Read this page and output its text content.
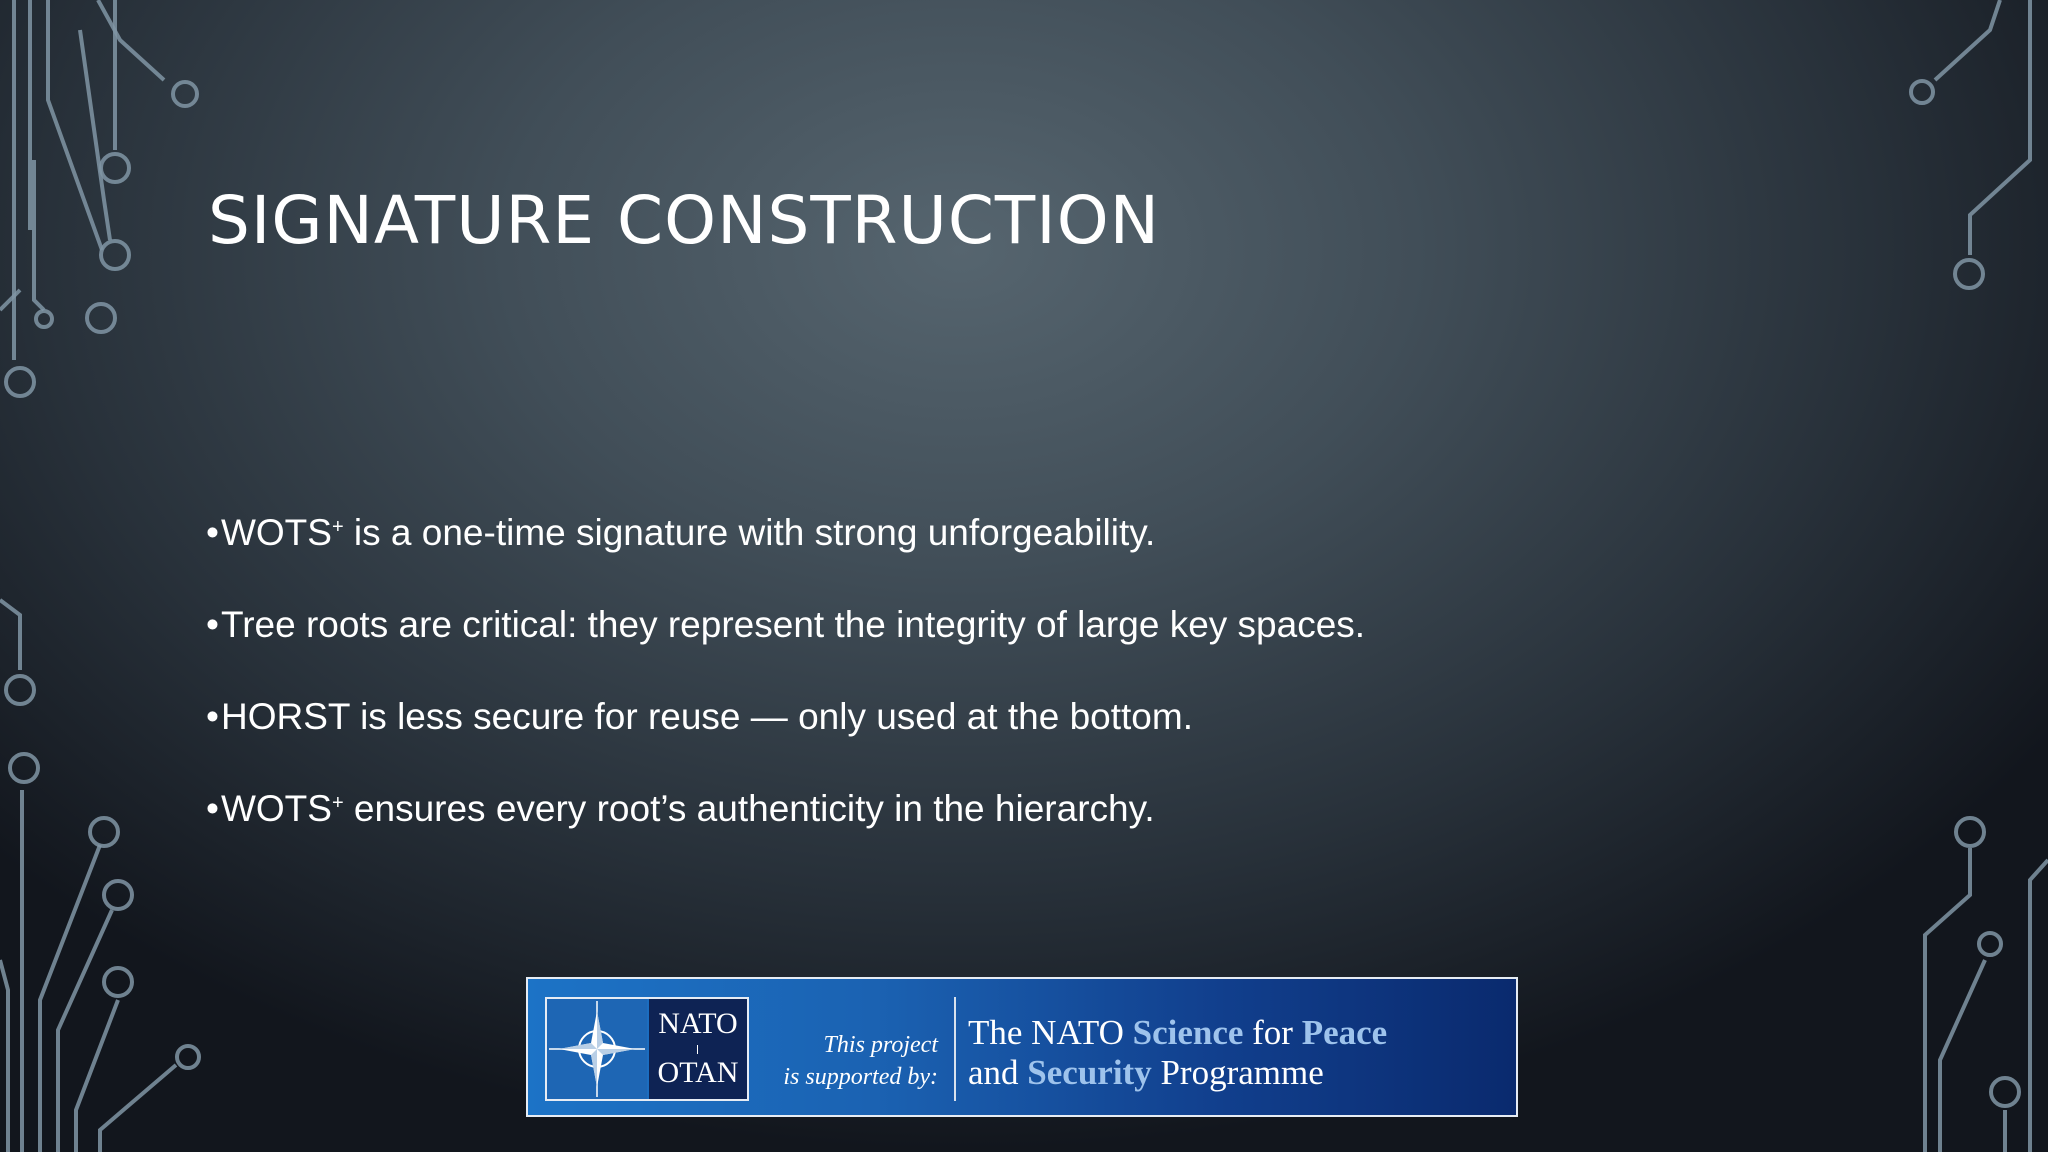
SIGNATURE CONSTRUCTION
•WOTS+ is a one-time signature with strong unforgeability.
•Tree roots are critical: they represent the integrity of large key spaces.
•HORST is less secure for reuse — only used at the bottom.
•WOTS+ ensures every root’s authenticity in the hierarchy.
NATO
OTAN
This project
is supported by:
The NATO Science for Peace
and Security Programme
